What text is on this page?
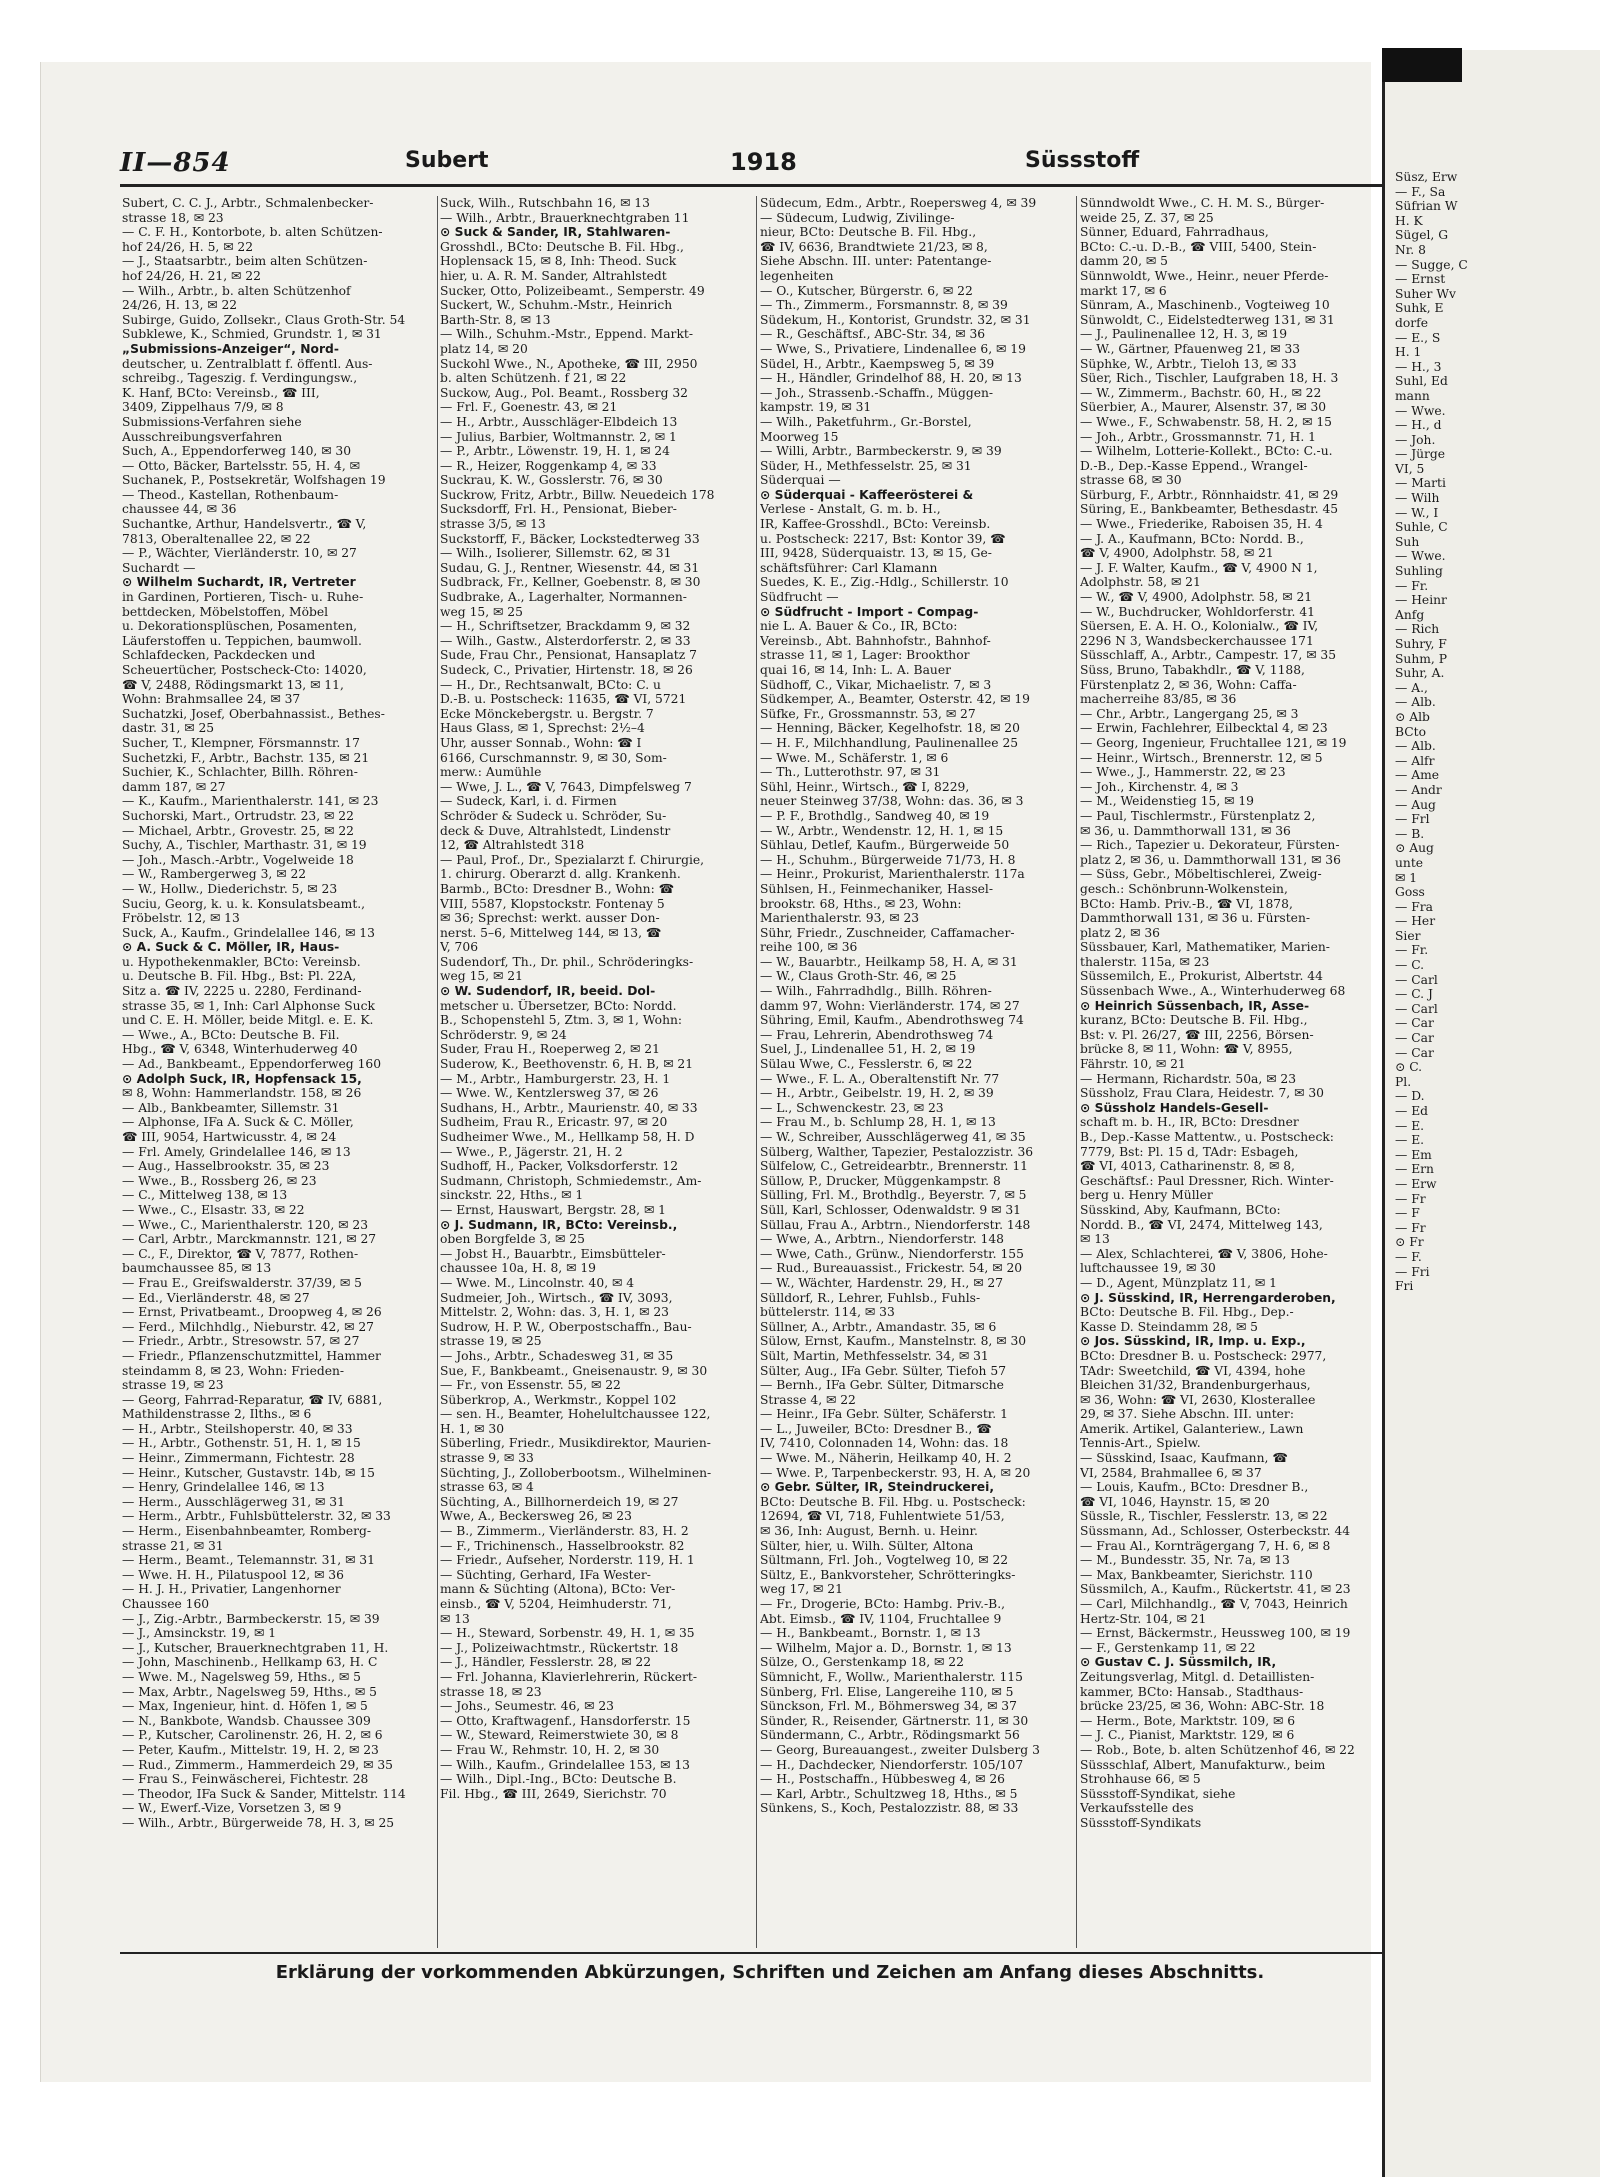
Süsz, Erw
— F., Sa
Süfrian W
H. K
Sügel, G
Nr. 8
— Sugge, C
— Ernst
Suher Wv
Suhk, E
dorfe
— E., S
H. 1
— H., 3
Suhl, Ed
mann
— Wwe.
— H., d
— Joh.
— Jürge
VI, 5
— Marti
— Wilh
— W., I
Suhle, C
Suh
— Wwe.
Suhling
— Fr.
— Heinr
Anfg
— Rich
Suhry, F
Suhm, P
Suhr, A.
— A.,
— Alb.
⊙ Alb
BCto
— Alb.
— Alfr
— Ame
— Andr
— Aug
— Frl
— B.
⊙ Aug
unte
✉ 1
Goss
— Fra
— Her
Sier
— Fr.
— C.
— Carl
— C. J
— Carl
— Car
— Car
— Car
⊙ C.
Pl.
— D.
— Ed
— E.
— E.
— Em
— Ern
— Erw
— Fr
— F
— Fr
⊙ Fr
— F.
— Fri
Fri
II—854	Subert	1918	Süssstoff
Subert, C. C. J., Arbtr., Schmalenbecker-
strasse 18, ✉ 23
— C. F. H., Kontorbote, b. alten Schützen-
hof 24/26, H. 5, ✉ 22
— J., Staatsarbtr., beim alten Schützen-
hof 24/26, H. 21, ✉ 22
— Wilh., Arbtr., b. alten Schützenhof
24/26, H. 13, ✉ 22
Subirge, Guido, Zollsekr., Claus Groth-Str. 54
Subklewe, K., Schmied, Grundstr. 1, ✉ 31
„Submissions-Anzeiger“, Nord-
deutscher, u. Zentralblatt f. öffentl. Aus-
schreibg., Tageszig. f. Verdingungsw.,
K. Hanf, BCto: Vereinsb., ☎ III,
3409, Zippelhaus 7/9, ✉ 8
Submissions-Verfahren siehe
Ausschreibungsverfahren
Such, A., Eppendorferweg 140, ✉ 30
— Otto, Bäcker, Bartelsstr. 55, H. 4, ✉
Suchanek, P., Postsekretär, Wolfshagen 19
— Theod., Kastellan, Rothenbaum-
chaussee 44, ✉ 36
Suchantke, Arthur, Handelsvertr., ☎ V,
7813, Oberaltenallee 22, ✉ 22
— P., Wächter, Vierländerstr. 10, ✉ 27
Suchardt —
⊙ Wilhelm Suchardt, IR, Vertreter
in Gardinen, Portieren, Tisch- u. Ruhe-
bettdecken, Möbelstoffen, Möbel
u. Dekorationsplüschen, Posamenten,
Läuferstoffen u. Teppichen, baumwoll.
Schlafdecken, Packdecken und
Scheuertücher, Postscheck-Cto: 14020,
☎ V, 2488, Rödingsmarkt 13, ✉ 11,
Wohn: Brahmsallee 24, ✉ 37
Suchatzki, Josef, Oberbahnassist., Bethes-
dastr. 31, ✉ 25
Sucher, T., Klempner, Försmannstr. 17
Suchetzki, F., Arbtr., Bachstr. 135, ✉ 21
Suchier, K., Schlachter, Billh. Röhren-
damm 187, ✉ 27
— K., Kaufm., Marienthalerstr. 141, ✉ 23
Suchorski, Mart., Ortrudstr. 23, ✉ 22
— Michael, Arbtr., Grovestr. 25, ✉ 22
Suchy, A., Tischler, Marthastr. 31, ✉ 19
— Joh., Masch.-Arbtr., Vogelweide 18
— W., Rambergerweg 3, ✉ 22
— W., Hollw., Diederichstr. 5, ✉ 23
Suciu, Georg, k. u. k. Konsulatsbeamt.,
Fröbelstr. 12, ✉ 13
Suck, A., Kaufm., Grindelallee 146, ✉ 13
⊙ A. Suck & C. Möller, IR, Haus-
u. Hypothekenmakler, BCto: Vereinsb.
u. Deutsche B. Fil. Hbg., Bst: Pl. 22A,
Sitz a. ☎ IV, 2225 u. 2280, Ferdinand-
strasse 35, ✉ 1, Inh: Carl Alphonse Suck
und C. E. H. Möller, beide Mitgl. e. E. K.
— Wwe., A., BCto: Deutsche B. Fil.
Hbg., ☎ V, 6348, Winterhuderweg 40
— Ad., Bankbeamt., Eppendorferweg 160
⊙ Adolph Suck, IR, Hopfensack 15,
✉ 8, Wohn: Hammerlandstr. 158, ✉ 26
— Alb., Bankbeamter, Sillemstr. 31
— Alphonse, IFa A. Suck & C. Möller,
☎ III, 9054, Hartwicusstr. 4, ✉ 24
— Frl. Amely, Grindelallee 146, ✉ 13
— Aug., Hasselbrookstr. 35, ✉ 23
— Wwe., B., Rossberg 26, ✉ 23
— C., Mittelweg 138, ✉ 13
— Wwe., C., Elsastr. 33, ✉ 22
— Wwe., C., Marienthalerstr. 120, ✉ 23
— Carl, Arbtr., Marckmannstr. 121, ✉ 27
— C., F., Direktor, ☎ V, 7877, Rothen-
baumchaussee 85, ✉ 13
— Frau E., Greifswalderstr. 37/39, ✉ 5
— Ed., Vierländerstr. 48, ✉ 27
— Ernst, Privatbeamt., Droopweg 4, ✉ 26
— Ferd., Milchhdlg., Nieburstr. 42, ✉ 27
— Friedr., Arbtr., Stresowstr. 57, ✉ 27
— Friedr., Pflanzenschutzmittel, Hammer
steindamm 8, ✉ 23, Wohn: Frieden-
strasse 19, ✉ 23
— Georg, Fahrrad-Reparatur, ☎ IV, 6881,
Mathildenstrasse 2, Ilths., ✉ 6
— H., Arbtr., Steilshoperstr. 40, ✉ 33
— H., Arbtr., Gothenstr. 51, H. 1, ✉ 15
— Heinr., Zimmermann, Fichtestr. 28
— Heinr., Kutscher, Gustavstr. 14b, ✉ 15
— Henry, Grindelallee 146, ✉ 13
— Herm., Ausschlägerweg 31, ✉ 31
— Herm., Arbtr., Fuhlsbüttelerstr. 32, ✉ 33
— Herm., Eisenbahnbeamter, Romberg-
strasse 21, ✉ 31
— Herm., Beamt., Telemannstr. 31, ✉ 31
— Wwe. H. H., Pilatuspool 12, ✉ 36
— H. J. H., Privatier, Langenhorner
Chaussee 160
— J., Zig.-Arbtr., Barmbeckerstr. 15, ✉ 39
— J., Amsinckstr. 19, ✉ 1
— J., Kutscher, Brauerknechtgraben 11, H.
— John, Maschinenb., Hellkamp 63, H. C
— Wwe. M., Nagelsweg 59, Hths., ✉ 5
— Max, Arbtr., Nagelsweg 59, Hths., ✉ 5
— Max, Ingenieur, hint. d. Höfen 1, ✉ 5
— N., Bankbote, Wandsb. Chaussee 309
— P., Kutscher, Carolinenstr. 26, H. 2, ✉ 6
— Peter, Kaufm., Mittelstr. 19, H. 2, ✉ 23
— Rud., Zimmerm., Hammerdeich 29, ✉ 35
— Frau S., Feinwäscherei, Fichtestr. 28
— Theodor, IFa Suck & Sander, Mittelstr. 114
— W., Ewerf.-Vize, Vorsetzen 3, ✉ 9
— Wilh., Arbtr., Bürgerweide 78, H. 3, ✉ 25
Suck, Wilh., Rutschbahn 16, ✉ 13
— Wilh., Arbtr., Brauerknechtgraben 11
⊙ Suck & Sander, IR, Stahlwaren-
Grosshdl., BCto: Deutsche B. Fil. Hbg.,
Hoplensack 15, ✉ 8, Inh: Theod. Suck
hier, u. A. R. M. Sander, Altrahlstedt
Sucker, Otto, Polizeibeamt., Semperstr. 49
Suckert, W., Schuhm.-Mstr., Heinrich
Barth-Str. 8, ✉ 13
— Wilh., Schuhm.-Mstr., Eppend. Markt-
platz 14, ✉ 20
Suckohl Wwe., N., Apotheke, ☎ III, 2950
b. alten Schützenh. f 21, ✉ 22
Suckow, Aug., Pol. Beamt., Rossberg 32
— Frl. F., Goenestr. 43, ✉ 21
— H., Arbtr., Ausschläger-Elbdeich 13
— Julius, Barbier, Woltmannstr. 2, ✉ 1
— P., Arbtr., Löwenstr. 19, H. 1, ✉ 24
— R., Heizer, Roggenkamp 4, ✉ 33
Suckrau, K. W., Gosslerstr. 76, ✉ 30
Suckrow, Fritz, Arbtr., Billw. Neuedeich 178
Sucksdorff, Frl. H., Pensionat, Bieber-
strasse 3/5, ✉ 13
Suckstorff, F., Bäcker, Lockstedterweg 33
— Wilh., Isolierer, Sillemstr. 62, ✉ 31
Sudau, G. J., Rentner, Wiesenstr. 44, ✉ 31
Sudbrack, Fr., Kellner, Goebenstr. 8, ✉ 30
Sudbrake, A., Lagerhalter, Normannen-
weg 15, ✉ 25
— H., Schriftsetzer, Brackdamm 9, ✉ 32
— Wilh., Gastw., Alsterdorferstr. 2, ✉ 33
Sude, Frau Chr., Pensionat, Hansaplatz 7
Sudeck, C., Privatier, Hirtenstr. 18, ✉ 26
— H., Dr., Rechtsanwalt, BCto: C. u
D.-B. u. Postscheck: 11635, ☎ VI, 5721
Ecke Mönckebergstr. u. Bergstr. 7
Haus Glass, ✉ 1, Sprechst: 2½–4
Uhr, ausser Sonnab., Wohn: ☎ I
6166, Curschmannstr. 9, ✉ 30, Som-
merw.: Aumühle
— Wwe, J. L., ☎ V, 7643, Dimpfelsweg 7
— Sudeck, Karl, i. d. Firmen
Schröder & Sudeck u. Schröder, Su-
deck & Duve, Altrahlstedt, Lindenstr
12, ☎ Altrahlstedt 318
— Paul, Prof., Dr., Spezialarzt f. Chirurgie,
1. chirurg. Oberarzt d. allg. Krankenh.
Barmb., BCto: Dresdner B., Wohn: ☎
VIII, 5587, Klopstockstr. Fontenay 5
✉ 36; Sprechst: werkt. ausser Don-
nerst. 5–6, Mittelweg 144, ✉ 13, ☎
V, 706
Sudendorf, Th., Dr. phil., Schröderingks-
weg 15, ✉ 21
⊙ W. Sudendorf, IR, beeid. Dol-
metscher u. Übersetzer, BCto: Nordd.
B., Schopenstehl 5, Ztm. 3, ✉ 1, Wohn:
Schröderstr. 9, ✉ 24
Suder, Frau H., Roeperweg 2, ✉ 21
Suderow, K., Beethovenstr. 6, H. B, ✉ 21
— M., Arbtr., Hamburgerstr. 23, H. 1
— Wwe. W., Kentzlersweg 37, ✉ 26
Sudhans, H., Arbtr., Maurienstr. 40, ✉ 33
Sudheim, Frau R., Ericastr. 97, ✉ 20
Sudheimer Wwe., M., Hellkamp 58, H. D
— Wwe., P., Jägerstr. 21, H. 2
Sudhoff, H., Packer, Volksdorferstr. 12
Sudmann, Christoph, Schmiedemstr., Am-
sinckstr. 22, Hths., ✉ 1
— Ernst, Hauswart, Bergstr. 28, ✉ 1
⊙ J. Sudmann, IR, BCto: Vereinsb.,
oben Borgfelde 3, ✉ 25
— Jobst H., Bauarbtr., Eimsbütteler-
chaussee 10a, H. 8, ✉ 19
— Wwe. M., Lincolnstr. 40, ✉ 4
Sudmeier, Joh., Wirtsch., ☎ IV, 3093,
Mittelstr. 2, Wohn: das. 3, H. 1, ✉ 23
Sudrow, H. P. W., Oberpostschaffn., Bau-
strasse 19, ✉ 25
— Johs., Arbtr., Schadesweg 31, ✉ 35
Sue, F., Bankbeamt., Gneisenaustr. 9, ✉ 30
— Fr., von Essenstr. 55, ✉ 22
Süberkrop, A., Werkmstr., Koppel 102
— sen. H., Beamter, Hohelultchaussee 122,
H. 1, ✉ 30
Süberling, Friedr., Musikdirektor, Maurien-
strasse 9, ✉ 33
Süchting, J., Zolloberbootsm., Wilhelminen-
strasse 63, ✉ 4
Süchting, A., Billhornerdeich 19, ✉ 27
Wwe, A., Beckersweg 26, ✉ 23
— B., Zimmerm., Vierländerstr. 83, H. 2
— F., Trichinensch., Hasselbrookstr. 82
— Friedr., Aufseher, Norderstr. 119, H. 1
— Süchting, Gerhard, IFa Wester-
mann & Süchting (Altona), BCto: Ver-
einsb., ☎ V, 5204, Heimhuderstr. 71,
✉ 13
— H., Steward, Sorbenstr. 49, H. 1, ✉ 35
— J., Polizeiwachtmstr., Rückertstr. 18
— J., Händler, Fesslerstr. 28, ✉ 22
— Frl. Johanna, Klavierlehrerin, Rückert-
strasse 18, ✉ 23
— Johs., Seumestr. 46, ✉ 23
— Otto, Kraftwagenf., Hansdorferstr. 15
— W., Steward, Reimerstwiete 30, ✉ 8
— Frau W., Rehmstr. 10, H. 2, ✉ 30
— Wilh., Kaufm., Grindelallee 153, ✉ 13
— Wilh., Dipl.-Ing., BCto: Deutsche B.
Fil. Hbg., ☎ III, 2649, Sierichstr. 70
Südecum, Edm., Arbtr., Roepersweg 4, ✉ 39
— Südecum, Ludwig, Zivilinge-
nieur, BCto: Deutsche B. Fil. Hbg.,
☎ IV, 6636, Brandtwiete 21/23, ✉ 8,
Siehe Abschn. III. unter: Patentange-
legenheiten
— O., Kutscher, Bürgerstr. 6, ✉ 22
— Th., Zimmerm., Forsmannstr. 8, ✉ 39
Südekum, H., Kontorist, Grundstr. 32, ✉ 31
— R., Geschäftsf., ABC-Str. 34, ✉ 36
— Wwe, S., Privatiere, Lindenallee 6, ✉ 19
Südel, H., Arbtr., Kaempsweg 5, ✉ 39
— H., Händler, Grindelhof 88, H. 20, ✉ 13
— Joh., Strassenb.-Schaffn., Müggen-
kampstr. 19, ✉ 31
— Wilh., Paketfuhrm., Gr.-Borstel,
Moorweg 15
— Willi, Arbtr., Barmbeckerstr. 9, ✉ 39
Süder, H., Methfesselstr. 25, ✉ 31
Süderquai —
⊙ Süderquai - Kaffeerösterei &
Verlese - Anstalt, G. m. b. H.,
IR, Kaffee-Grosshdl., BCto: Vereinsb.
u. Postscheck: 2217, Bst: Kontor 39, ☎
III, 9428, Süderquaistr. 13, ✉ 15, Ge-
schäftsführer: Carl Klamann
Suedes, K. E., Zig.-Hdlg., Schillerstr. 10
Südfrucht —
⊙ Südfrucht - Import - Compag-
nie L. A. Bauer & Co., IR, BCto:
Vereinsb., Abt. Bahnhofstr., Bahnhof-
strasse 11, ✉ 1, Lager: Brookthor
quai 16, ✉ 14, Inh: L. A. Bauer
Südhoff, C., Vikar, Michaelistr. 7, ✉ 3
Südkemper, A., Beamter, Osterstr. 42, ✉ 19
Süfke, Fr., Grossmannstr. 53, ✉ 27
— Henning, Bäcker, Kegelhofstr. 18, ✉ 20
— H. F., Milchhandlung, Paulinenallee 25
— Wwe. M., Schäferstr. 1, ✉ 6
— Th., Lutterothstr. 97, ✉ 31
Sühl, Heinr., Wirtsch., ☎ I, 8229,
neuer Steinweg 37/38, Wohn: das. 36, ✉ 3
— P. F., Brothdlg., Sandweg 40, ✉ 19
— W., Arbtr., Wendenstr. 12, H. 1, ✉ 15
Sühlau, Detlef, Kaufm., Bürgerweide 50
— H., Schuhm., Bürgerweide 71/73, H. 8
— Heinr., Prokurist, Marienthalerstr. 117a
Sühlsen, H., Feinmechaniker, Hassel-
brookstr. 68, Hths., ✉ 23, Wohn:
Marienthalerstr. 93, ✉ 23
Sühr, Friedr., Zuschneider, Caffamacher-
reihe 100, ✉ 36
— W., Bauarbtr., Heilkamp 58, H. A, ✉ 31
— W., Claus Groth-Str. 46, ✉ 25
— Wilh., Fahrradhdlg., Billh. Röhren-
damm 97, Wohn: Vierländerstr. 174, ✉ 27
Sühring, Emil, Kaufm., Abendrothsweg 74
— Frau, Lehrerin, Abendrothsweg 74
Suel, J., Lindenallee 51, H. 2, ✉ 19
Sülau Wwe, C., Fesslerstr. 6, ✉ 22
— Wwe., F. L. A., Oberaltenstift Nr. 77
— H., Arbtr., Geibelstr. 19, H. 2, ✉ 39
— L., Schwenckestr. 23, ✉ 23
— Frau M., b. Schlump 28, H. 1, ✉ 13
— W., Schreiber, Ausschlägerweg 41, ✉ 35
Sülberg, Walther, Tapezier, Pestalozzistr. 36
Sülfelow, C., Getreidearbtr., Brennerstr. 11
Süllow, P., Drucker, Müggenkampstr. 8
Sülling, Frl. M., Brothdlg., Beyerstr. 7, ✉ 5
Süll, Karl, Schlosser, Odenwaldstr. 9 ✉ 31
Süllau, Frau A., Arbtrn., Niendorferstr. 148
— Wwe, A., Arbtrn., Niendorferstr. 148
— Wwe, Cath., Grünw., Niendorferstr. 155
— Rud., Bureauassist., Frickestr. 54, ✉ 20
— W., Wächter, Hardenstr. 29, H., ✉ 27
Sülldorf, R., Lehrer, Fuhlsb., Fuhls-
büttelerstr. 114, ✉ 33
Süllner, A., Arbtr., Amandastr. 35, ✉ 6
Sülow, Ernst, Kaufm., Manstelnstr. 8, ✉ 30
Sült, Martin, Methfesselstr. 34, ✉ 31
Sülter, Aug., IFa Gebr. Sülter, Tiefoh 57
— Bernh., IFa Gebr. Sülter, Ditmarsche
Strasse 4, ✉ 22
— Heinr., IFa Gebr. Sülter, Schäferstr. 1
— L., Juweiler, BCto: Dresdner B., ☎
IV, 7410, Colonnaden 14, Wohn: das. 18
— Wwe. M., Näherin, Heilkamp 40, H. 2
— Wwe. P., Tarpenbeckerstr. 93, H. A, ✉ 20
⊙ Gebr. Sülter, IR, Steindruckerei,
BCto: Deutsche B. Fil. Hbg. u. Postscheck:
12694, ☎ VI, 718, Fuhlentwiete 51/53,
✉ 36, Inh: August, Bernh. u. Heinr.
Sülter, hier, u. Wilh. Sülter, Altona
Sültmann, Frl. Joh., Vogtelweg 10, ✉ 22
Sültz, E., Bankvorsteher, Schrötteringks-
weg 17, ✉ 21
— Fr., Drogerie, BCto: Hambg. Priv.-B.,
Abt. Eimsb., ☎ IV, 1104, Fruchtallee 9
— H., Bankbeamt., Bornstr. 1, ✉ 13
— Wilhelm, Major a. D., Bornstr. 1, ✉ 13
Sülze, O., Gerstenkamp 18, ✉ 22
Sümnicht, F., Wollw., Marienthalerstr. 115
Sünberg, Frl. Elise, Langereihe 110, ✉ 5
Sünckson, Frl. M., Böhmersweg 34, ✉ 37
Sünder, R., Reisender, Gärtnerstr. 11, ✉ 30
Sündermann, C., Arbtr., Rödingsmarkt 56
— Georg, Bureauangest., zweiter Dulsberg 3
— H., Dachdecker, Niendorferstr. 105/107
— H., Postschaffn., Hübbesweg 4, ✉ 26
— Karl, Arbtr., Schultzweg 18, Hths., ✉ 5
Sünkens, S., Koch, Pestalozzistr. 88, ✉ 33
Sünndwoldt Wwe., C. H. M. S., Bürger-
weide 25, Z. 37, ✉ 25
Sünner, Eduard, Fahrradhaus,
BCto: C.-u. D.-B., ☎ VIII, 5400, Stein-
damm 20, ✉ 5
Sünnwoldt, Wwe., Heinr., neuer Pferde-
markt 17, ✉ 6
Sünram, A., Maschinenb., Vogteiweg 10
Sünwoldt, C., Eidelstedterweg 131, ✉ 31
— J., Paulinenallee 12, H. 3, ✉ 19
— W., Gärtner, Pfauenweg 21, ✉ 33
Süphke, W., Arbtr., Tieloh 13, ✉ 33
Süer, Rich., Tischler, Laufgraben 18, H. 3
— W., Zimmerm., Bachstr. 60, H., ✉ 22
Süerbier, A., Maurer, Alsenstr. 37, ✉ 30
— Wwe., F., Schwabenstr. 58, H. 2, ✉ 15
— Joh., Arbtr., Grossmannstr. 71, H. 1
— Wilhelm, Lotterie-Kollekt., BCto: C.-u.
D.-B., Dep.-Kasse Eppend., Wrangel-
strasse 68, ✉ 30
Sürburg, F., Arbtr., Rönnhaidstr. 41, ✉ 29
Süring, E., Bankbeamter, Bethesdastr. 45
— Wwe., Friederike, Raboisen 35, H. 4
— J. A., Kaufmann, BCto: Nordd. B.,
☎ V, 4900, Adolphstr. 58, ✉ 21
— J. F. Walter, Kaufm., ☎ V, 4900 N 1,
Adolphstr. 58, ✉ 21
— W., ☎ V, 4900, Adolphstr. 58, ✉ 21
— W., Buchdrucker, Wohldorferstr. 41
Süersen, E. A. H. O., Kolonialw., ☎ IV,
2296 N 3, Wandsbeckerchaussee 171
Süsschlaff, A., Arbtr., Campestr. 17, ✉ 35
Süss, Bruno, Tabakhdlr., ☎ V, 1188,
Fürstenplatz 2, ✉ 36, Wohn: Caffa-
macherreihe 83/85, ✉ 36
— Chr., Arbtr., Langergang 25, ✉ 3
— Erwin, Fachlehrer, Eilbecktal 4, ✉ 23
— Georg, Ingenieur, Fruchtallee 121, ✉ 19
— Heinr., Wirtsch., Brennerstr. 12, ✉ 5
— Wwe., J., Hammerstr. 22, ✉ 23
— Joh., Kirchenstr. 4, ✉ 3
— M., Weidenstieg 15, ✉ 19
— Paul, Tischlermstr., Fürstenplatz 2,
✉ 36, u. Dammthorwall 131, ✉ 36
— Rich., Tapezier u. Dekorateur, Fürsten-
platz 2, ✉ 36, u. Dammthorwall 131, ✉ 36
— Süss, Gebr., Möbeltischlerei, Zweig-
gesch.: Schönbrunn-Wolkenstein,
BCto: Hamb. Priv.-B., ☎ VI, 1878,
Dammthorwall 131, ✉ 36 u. Fürsten-
platz 2, ✉ 36
Süssbauer, Karl, Mathematiker, Marien-
thalerstr. 115a, ✉ 23
Süssemilch, E., Prokurist, Albertstr. 44
Süssenbach Wwe., A., Winterhuderweg 68
⊙ Heinrich Süssenbach, IR, Assе-
kuranz, BCto: Deutsche B. Fil. Hbg.,
Bst: v. Pl. 26/27, ☎ III, 2256, Börsen-
brücke 8, ✉ 11, Wohn: ☎ V, 8955,
Fährstr. 10, ✉ 21
— Hermann, Richardstr. 50a, ✉ 23
Süssholz, Frau Clara, Heidestr. 7, ✉ 30
⊙ Süssholz Handels-Gesell-
schaft m. b. H., IR, BCto: Dresdner
B., Dep.-Kasse Mattentw., u. Postscheck:
7779, Bst: Pl. 15 d, TAdr: Esbageh,
☎ VI, 4013, Catharinenstr. 8, ✉ 8,
Geschäftsf.: Paul Dressner, Rich. Winter-
berg u. Henry Müller
Süsskind, Aby, Kaufmann, BCto:
Nordd. B., ☎ VI, 2474, Mittelweg 143,
✉ 13
— Alex, Schlachterei, ☎ V, 3806, Hohe-
luftchaussee 19, ✉ 30
— D., Agent, Münzplatz 11, ✉ 1
⊙ J. Süsskind, IR, Herrengarderoben,
BCto: Deutsche B. Fil. Hbg., Dep.-
Kasse D. Steindamm 28, ✉ 5
⊙ Jos. Süsskind, IR, Imp. u. Exp.,
BCto: Dresdner B. u. Postscheck: 2977,
TAdr: Sweetchild, ☎ VI, 4394, hohe
Bleichen 31/32, Brandenburgerhaus,
✉ 36, Wohn: ☎ VI, 2630, Klosterallee
29, ✉ 37. Siehe Abschn. III. unter:
Amerik. Artikel, Galanteriew., Lawn
Tennis-Art., Spielw.
— Süsskind, Isaac, Kaufmann, ☎
VI, 2584, Brahmallee 6, ✉ 37
— Louis, Kaufm., BCto: Dresdner B.,
☎ VI, 1046, Haynstr. 15, ✉ 20
Süssle, R., Tischler, Fesslerstr. 13, ✉ 22
Süssmann, Ad., Schlosser, Osterbeckstr. 44
— Frau Al., Kornträgergang 7, H. 6, ✉ 8
— M., Bundesstr. 35, Nr. 7a, ✉ 13
— Max, Bankbeamter, Sierichstr. 110
Süssmilch, A., Kaufm., Rückertstr. 41, ✉ 23
— Carl, Milchhandlg., ☎ V, 7043, Heinrich
Hertz-Str. 104, ✉ 21
— Ernst, Bäckermstr., Heussweg 100, ✉ 19
— F., Gerstenkamp 11, ✉ 22
⊙ Gustav C. J. Süssmilch, IR,
Zeitungsverlag, Mitgl. d. Detaillisten-
kammer, BCto: Hansab., Stadthaus-
brücke 23/25, ✉ 36, Wohn: ABC-Str. 18
— Herm., Bote, Marktstr. 109, ✉ 6
— J. C., Pianist, Marktstr. 129, ✉ 6
— Rob., Bote, b. alten Schützenhof 46, ✉ 22
Süssschlaf, Albert, Manufakturw., beim
Strohhause 66, ✉ 5
Süssstoff-Syndikat, siehe
Verkaufsstelle des
Süssstoff-Syndikats
Erklärung der vorkommenden Abkürzungen, Schriften und Zeichen am Anfang dieses Abschnitts.
